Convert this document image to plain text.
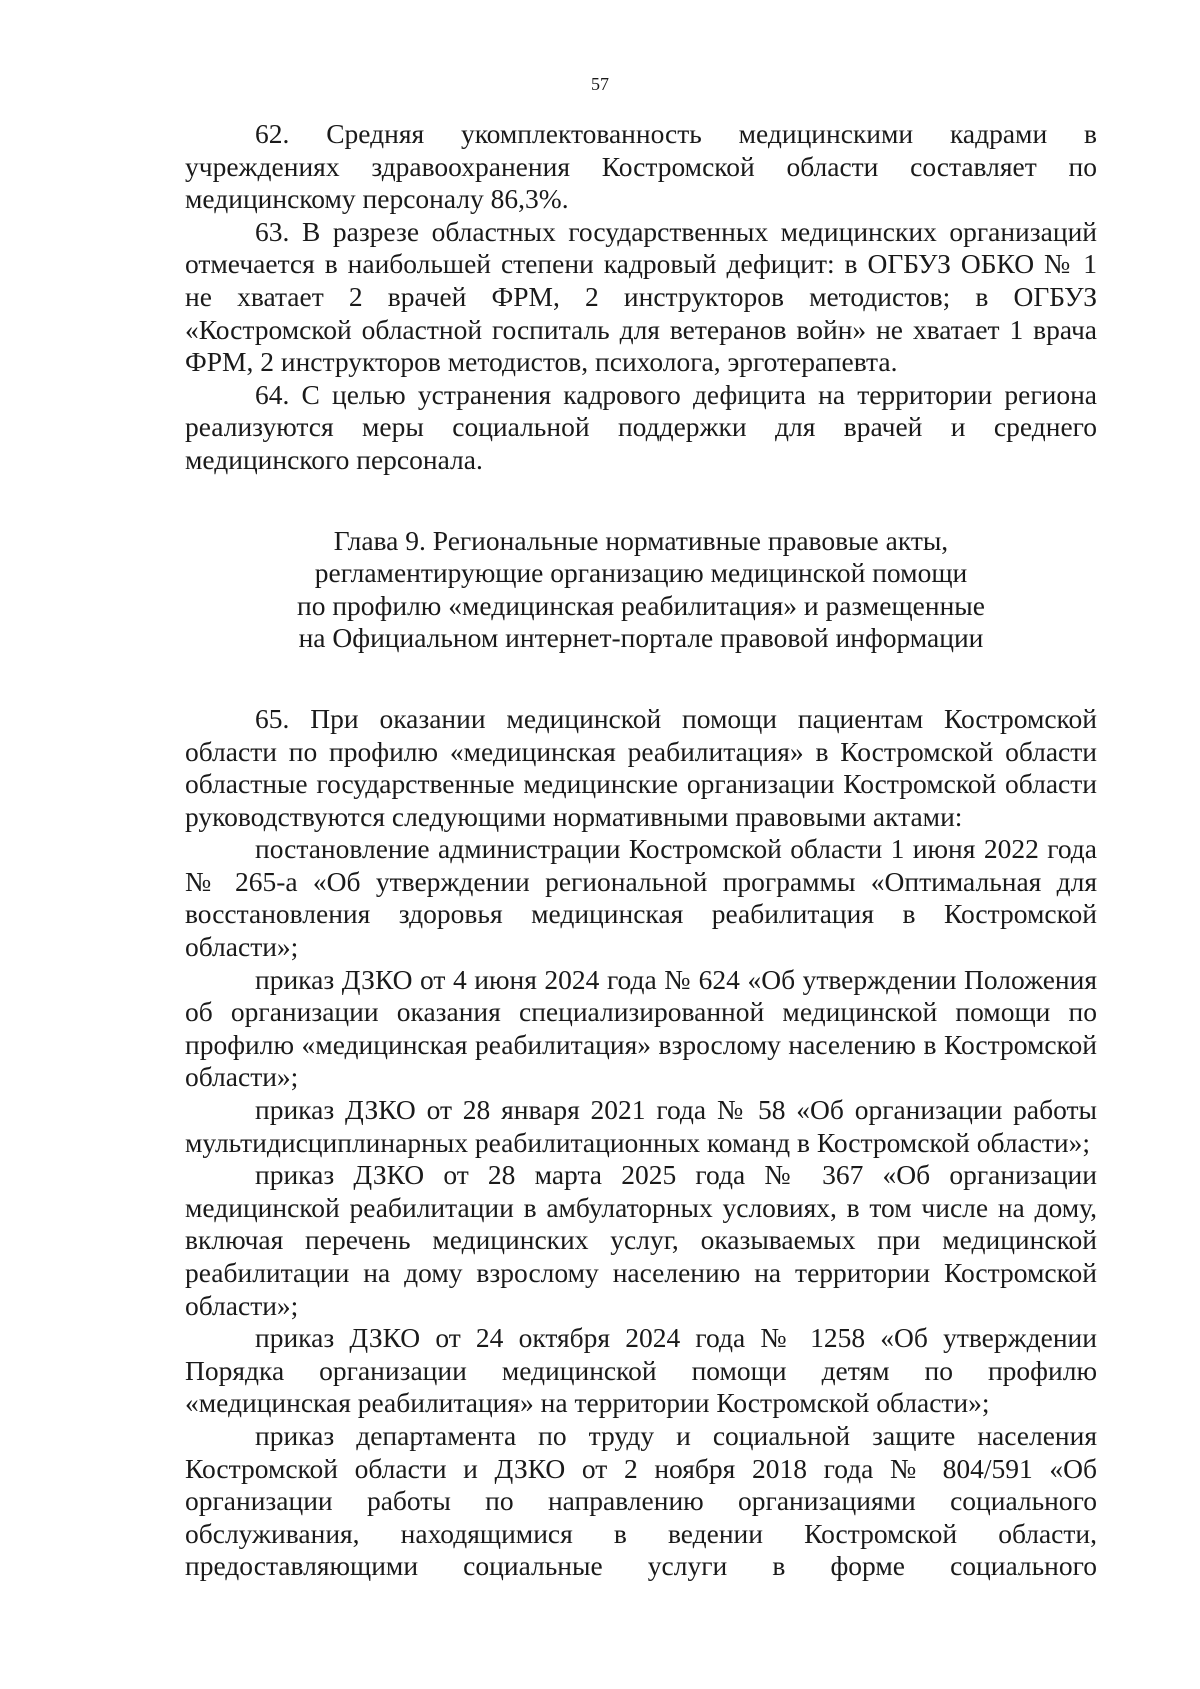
57

62. Средняя укомплектованность медицинскими кадрами в учреждениях здравоохранения Костромской области составляет по медицинскому персоналу 86,3%.

63. В разрезе областных государственных медицинских организаций отмечается в наибольшей степени кадровый дефицит: в ОГБУЗ ОБКО № 1 не хватает 2 врачей ФРМ, 2 инструкторов методистов; в ОГБУЗ «Костромской областной госпиталь для ветеранов войн» не хватает 1 врача ФРМ, 2 инструкторов методистов, психолога, эрготерапевта.

64. С целью устранения кадрового дефицита на территории региона реализуются меры социальной поддержки для врачей и среднего медицинского персонала.

Глава 9. Региональные нормативные правовые акты,
регламентирующие организацию медицинской помощи
по профилю «медицинская реабилитация» и размещенные
на Официальном интернет-портале правовой информации

65. При оказании медицинской помощи пациентам Костромской области по профилю «медицинская реабилитация» в Костромской области областные государственные медицинские организации Костромской области руководствуются следующими нормативными правовыми актами:

постановление администрации Костромской области 1 июня 2022 года № 265-а «Об утверждении региональной программы «Оптимальная для восстановления здоровья медицинская реабилитация в Костромской области»;

приказ ДЗКО от 4 июня 2024 года № 624 «Об утверждении Положения об организации оказания специализированной медицинской помощи по профилю «медицинская реабилитация» взрослому населению в Костромской области»;

приказ ДЗКО от 28 января 2021 года № 58 «Об организации работы мультидисциплинарных реабилитационных команд в Костромской области»;

приказ ДЗКО от 28 марта 2025 года № 367 «Об организации медицинской реабилитации в амбулаторных условиях, в том числе на дому, включая перечень медицинских услуг, оказываемых при медицинской реабилитации на дому взрослому населению на территории Костромской области»;

приказ ДЗКО от 24 октября 2024 года № 1258 «Об утверждении Порядка организации медицинской помощи детям по профилю «медицинская реабилитация» на территории Костромской области»;

приказ департамента по труду и социальной защите населения Костромской области и ДЗКО от 2 ноября 2018 года № 804/591 «Об организации работы по направлению организациями социального обслуживания, находящимися в ведении Костромской области, предоставляющими социальные услуги в форме социального
